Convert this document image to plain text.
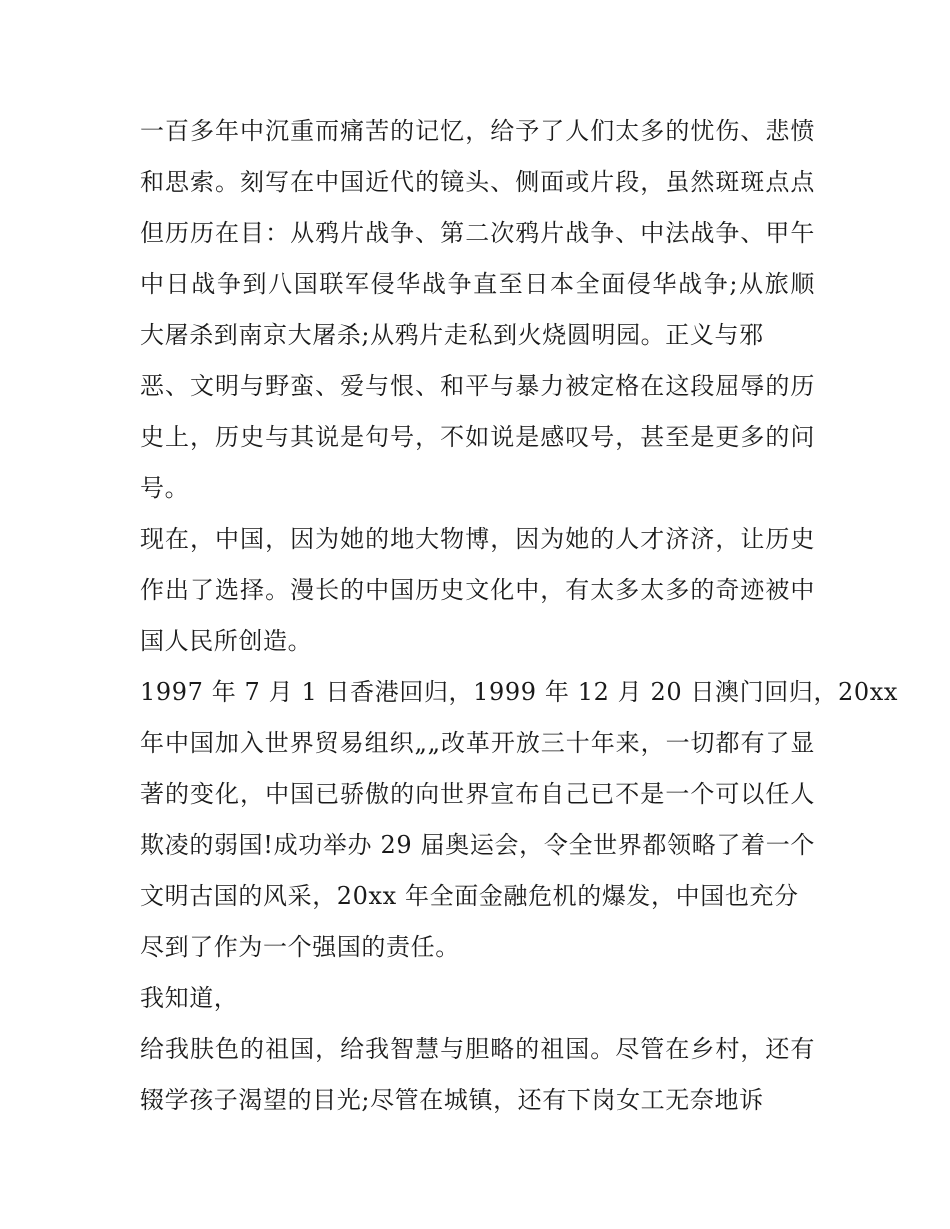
一百多年中沉重而痛苦的记忆，给予了人们太多的忧伤、悲愤
和思索。刻写在中国近代的镜头、侧面或片段，虽然斑斑点点
但历历在目：从鸦片战争、第二次鸦片战争、中法战争、甲午
中日战争到八国联军侵华战争直至日本全面侵华战争;从旅顺
大屠杀到南京大屠杀;从鸦片走私到火烧圆明园。正义与邪
恶、文明与野蛮、爱与恨、和平与暴力被定格在这段屈辱的历
史上，历史与其说是句号，不如说是感叹号，甚至是更多的问
号。
现在，中国，因为她的地大物博，因为她的人才济济，让历史
作出了选择。漫长的中国历史文化中，有太多太多的奇迹被中
国人民所创造。
1997 年 7 月 1 日香港回归，1999 年 12 月 20 日澳门回归，20xx
年中国加入世界贸易组织„„改革开放三十年来，一切都有了显
著的变化，中国已骄傲的向世界宣布自己已不是一个可以任人
欺凌的弱国!成功举办 29 届奥运会，令全世界都领略了着一个
文明古国的风采，20xx 年全面金融危机的爆发，中国也充分
尽到了作为一个强国的责任。
我知道，
给我肤色的祖国，给我智慧与胆略的祖国。尽管在乡村，还有
辍学孩子渴望的目光;尽管在城镇，还有下岗女工无奈地诉
